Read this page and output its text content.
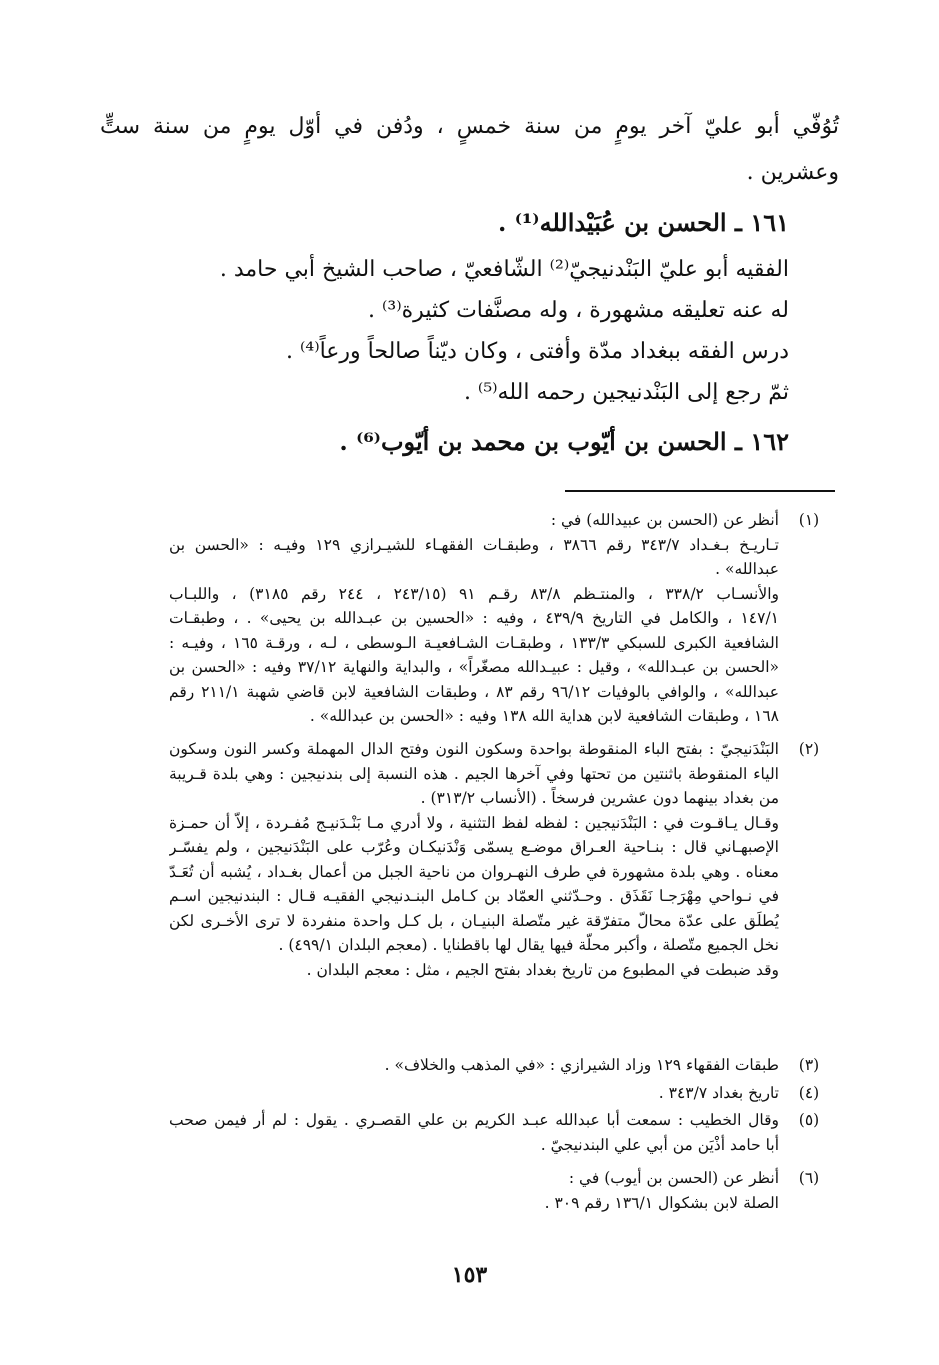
تُوُفّي أبو عليّ آخر يومٍ من سنة خمسٍ ، ودُفن في أوّل يومٍ من سنة ستٍّ
وعشرين .
١٦١ ـ الحسن بن عُبَيْدالله⁽¹⁾ .
الفقيه أبو عليّ البَنْدنيجيّ⁽²⁾ الشّافعيّ ، صاحب الشيخ أبي حامد .
له عنه تعليقه مشهورة ، وله مصنَّفات كثيرة⁽³⁾ .
درس الفقه ببغداد مدّة وأفتى ، وكان ديّناً صالحاً ورعاً⁽⁴⁾ .
ثمّ رجع إلى البَنْدنيجين رحمه الله⁽⁵⁾ .
١٦٢ ـ الحسن بن أيّوب بن محمد بن أيّوب⁽⁶⁾ .
(١)
أنظر عن (الحسن بن عبيدالله) في :
تـاريـخ بـغـداد ٣٤٣/٧ رقم ٣٨٦٦ ، وطبقـات الفقهـاء للشيـرازي ١٢٩ وفيـه : «الحسن بن
عبدالله» .
والأنسـاب ٣٣٨/٢ ، والمنتـظم ٨٣/٨ رقـم ٩١ (٢٤٣/١٥ ، ٢٤٤ رقم ٣١٨٥) ، واللبـاب
١٤٧/١ ، والكامل في التاريخ ٤٣٩/٩ ، وفيه : «الحسين بن عبـدالله بن يحيى» . ، وطبقـات
الشافعية الكبرى للسبكي ١٣٣/٣ ، وطبقـات الشـافعيـة الـوسطى ، لـه ، ورقـة ١٦٥ ، وفيـه :
«الحسن بن عبـدالله» ، وقيل : عبيـدالله مصغّراً» ، والبداية والنهاية ٣٧/١٢ وفيه : «الحسن بن
عبدالله» ، والوافي بالوفيات ٩٦/١٢ رقم ٨٣ ، وطبقات الشافعية لابن قاضي شهبة ٢١١/١ رقم
١٦٨ ، وطبقات الشافعية لابن هداية الله ١٣٨ وفيه : «الحسن بن عبدالله» .
(٢)
البَنْدَنيجيّ : بفتح الباء المنقوطة بواحدة وسكون النون وفتح الدال المهملة وكسر النون وسكون
الياء المنقوطة باثنتين من تحتها وفي آخرها الجيم . هذه النسبة إلى بندنيجين : وهي بلدة قـريبة
من بغداد بينهما دون عشرين فرسخاً . (الأنساب ٣١٣/٢) .
وقـال يـاقـوت في : البَنْدَنيجين : لفظه لفظ التثنية ، ولا أدري مـا بَنْـدَنيـج مُفـردة ، إلاّ أن حمـزة
الإصبهـاني قال : بنـاحية العـراق موضـع يسمّى وَنْدَنيكـان وعُرّب على البَنْدَنيجين ، ولم يفسّـر
معناه . وهي بلدة مشهورة في طرف النهـروان من ناحية الجبل من أعمال بغـداد ، يُشبه أن تُعَـدّ
في نـواحي مِهْرَجـا نَقَذَق . وحـدّثني العمّاد بن كـامل البنـدنيجي الفقيـه قـال : البندنيجين اسـم
يُطلَق على عدّة محالّ متفرّقة غير متّصلة البنيـان ، بل كـل واحدة منفردة لا ترى الأخـرى لكن
نخل الجميع متّصلة ، وأكبر محلّة فيها يقال لها باقطنايا . (معجم البلدان ٤٩٩/١) .
وقد ضبطت في المطبوع من تاريخ بغداد بفتح الجيم ، مثل : معجم البلدان .
(٣)
طبقات الفقهاء ١٢٩ وزاد الشيرازي : «في المذهب والخلاف» .
(٤)
تاريخ بغداد ٣٤٣/٧ .
(٥)
وقال الخطيب : سمعت أبا عبدالله عبـد الكريم بن علي القصـري . يقول : لم أر فيمن صحب
أبا حامد أذْيَن من أبي علي البندنيجيّ .
(٦)
أنظر عن (الحسن بن أيوب) في :
الصلة لابن بشكوال ١٣٦/١ رقم ٣٠٩ .
١٥٣
